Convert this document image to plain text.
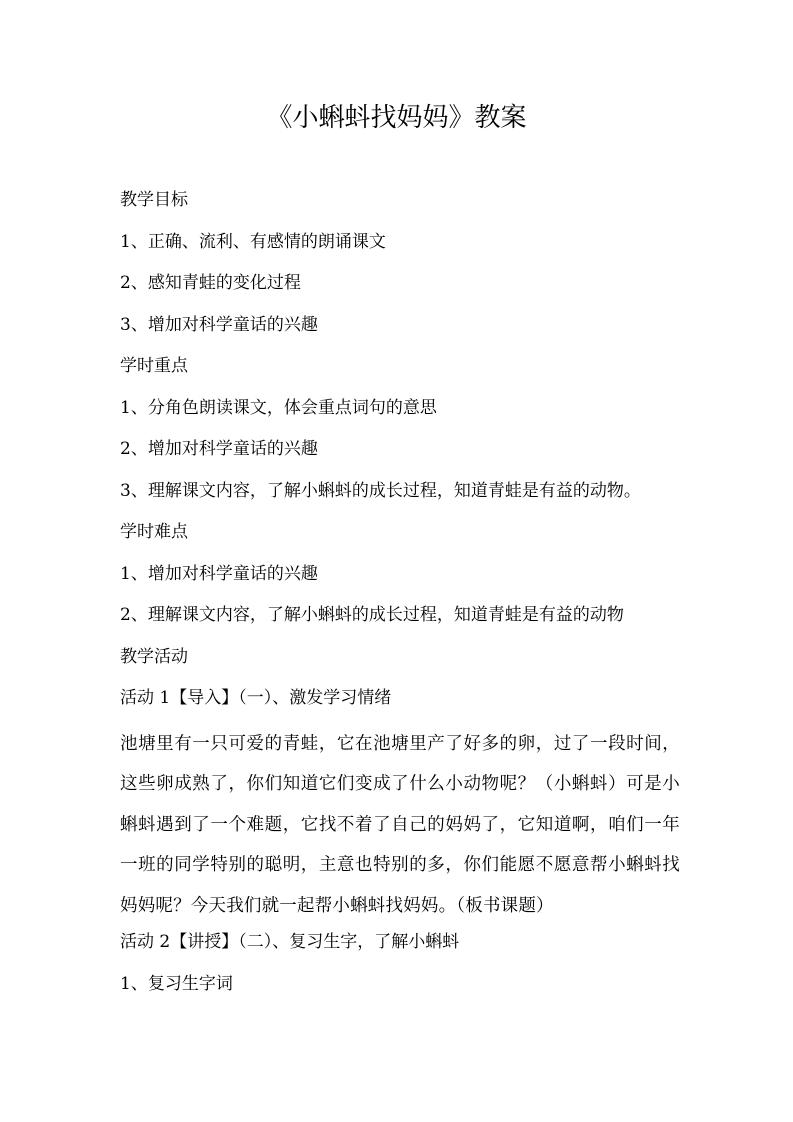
《小蝌蚪找妈妈》教案
教学目标
1、正确、流利、有感情的朗诵课文
2、感知青蛙的变化过程
3、增加对科学童话的兴趣
学时重点
1、分角色朗读课文，体会重点词句的意思
2、增加对科学童话的兴趣
3、理解课文内容，了解小蝌蚪的成长过程，知道青蛙是有益的动物。
学时难点
1、增加对科学童话的兴趣
2、理解课文内容，了解小蝌蚪的成长过程，知道青蛙是有益的动物
教学活动
活动 1【导入】（一）、激发学习情绪

池塘里有一只可爱的青蛙，它在池塘里产了好多的卵，过了一段时间，这些卵成熟了，你们知道它们变成了什么小动物呢？（小蝌蚪）可是小蝌蚪遇到了一个难题，它找不着了自己的妈妈了，它知道啊，咱们一年一班的同学特别的聪明，主意也特别的多，你们能愿不愿意帮小蝌蚪找妈妈呢？今天我们就一起帮小蝌蚪找妈妈。（板书课题）

活动 2【讲授】（二）、复习生字，了解小蝌蚪
1、复习生字词
